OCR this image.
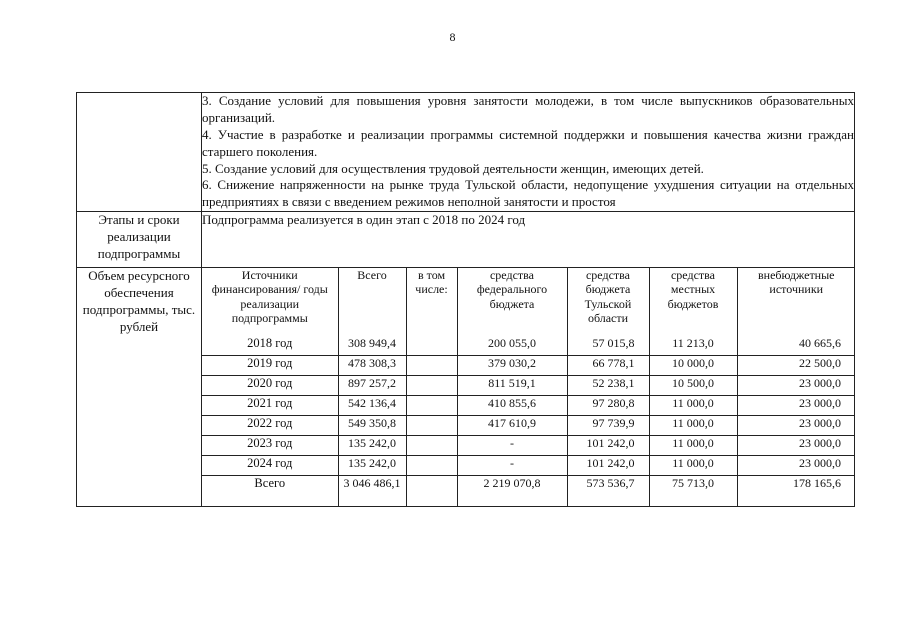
8

3. Создание условий для повышения уровня занятости молодежи, в том числе выпускников образовательных организаций.

4. Участие в разработке и реализации программы системной поддержки и повышения качества жизни граждан старшего поколения.

5. Создание условий для осуществления трудовой деятельности женщин, имеющих детей.

6. Снижение напряженности на рынке труда Тульской области, недопущение ухудшения ситуации на отдельных предприятиях в связи с введением режимов неполной занятости и простоя

Этапы и сроки реализации подпрограммы	Подпрограмма реализуется в один этап с 2018 по 2024 год
Объем ресурсного обеспечения подпрограммы, тыс. рублей	
Источники финансирования/ годы реализации подпрограммы	Всего	в том числе:	средства федерального бюджета	средства бюджета Тульской области	средства местных бюджетов	внебюджетные источники
2018 год	308 949,4		200 055,0	57 015,8	11 213,0	40 665,6
2019 год	478 308,3		379 030,2	66 778,1	10 000,0	22 500,0
2020 год	897 257,2		811 519,1	52 238,1	10 500,0	23 000,0
2021 год	542 136,4		410 855,6	97 280,8	11 000,0	23 000,0
2022 год	549 350,8		417 610,9	97 739,9	11 000,0	23 000,0
2023 год	135 242,0		-	101 242,0	11 000,0	23 000,0
2024 год	135 242,0		-	101 242,0	11 000,0	23 000,0
Всего	3 046 486,1		2 219 070,8	573 536,7	75 713,0	178 165,6
